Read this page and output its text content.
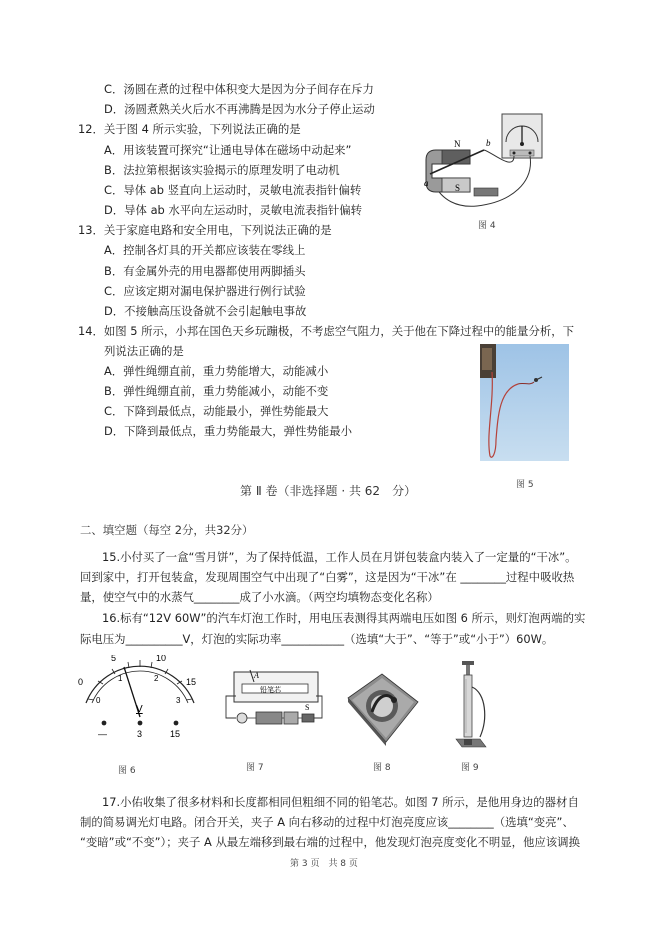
C．汤圆在煮的过程中体积变大是因为分子间存在斥力
D．汤圆煮熟关火后水不再沸腾是因为水分子停止运动
12．关于图 4 所示实验，下列说法正确的是
A．用该装置可探究“让通电导体在磁场中动起来”
B．法拉第根据该实验揭示的原理发明了电动机
C．导体 ab 竖直向上运动时，灵敏电流表指针偏转
D．导体 ab 水平向左运动时，灵敏电流表指针偏转
N
S
a
b
图 4
13．关于家庭电路和安全用电，下列说法正确的是
A．控制各灯具的开关都应该装在零线上
B．有金属外壳的用电器都使用两脚插头
C．应该定期对漏电保护器进行例行试验
D．不接触高压设备就不会引起触电事故
14．如图 5 所示，小邦在国色天乡玩蹦极，不考虑空气阻力，关于他在下降过程中的能量分析，下
列说法正确的是
A．弹性绳绷直前，重力势能增大，动能减小
B．弹性绳绷直前，重力势能减小，动能不变
C．下降到最低点，动能最小，弹性势能最大
D．下降到最低点，重力势能最大，弹性势能最小
图 5
第 Ⅱ 卷（非选择题 · 共 62　分）
二、填空题（每空 2分，共32分）
15.小付买了一盒“雪月饼”，为了保持低温，工作人员在月饼包装盒内装入了一定量的“干冰”。
回到家中，打开包装盒，发现周围空气中出现了“白雾”，这是因为“干冰”在 ________过程中吸收热
量，使空气中的水蒸气________成了小水滴。（两空均填物态变化名称）
16.标有“12V 60W”的汽车灯泡工作时，用电压表测得其两端电压如图 6 所示，则灯泡两端的实
际电压为__________V，灯泡的实际功率___________（选填“大于”、“等于”或“小于”）60W。
0
5	10
15
0
1	2
3
V
—	3	15
图 6
铅笔芯
A
S
图 7	图 8	图 9
17.小佑收集了很多材料和长度都相同但粗细不同的铅笔芯。如图 7 所示，是他用身边的器材自
制的简易调光灯电路。闭合开关，夹子 A 向右移动的过程中灯泡亮度应该________（选填“变亮”、
“变暗”或“不变”）；夹子 A 从最左端移到最右端的过程中，他发现灯泡亮度变化不明显，他应该调换
第 3 页　共 8 页
